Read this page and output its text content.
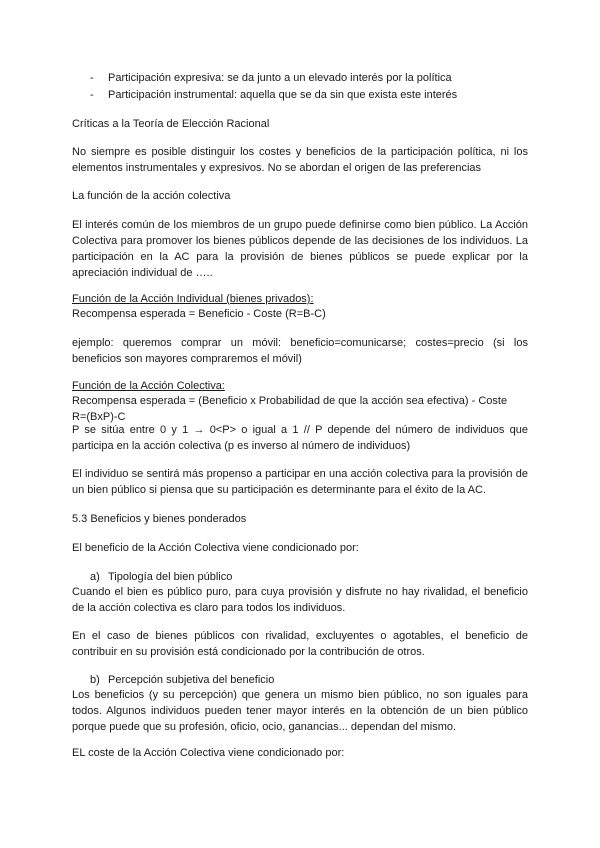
- Participación expresiva: se da junto a un elevado interés por la política

- Participación instrumental: aquella que se da sin que exista este interés

Críticas a la Teoría de Elección Racional

No siempre es posible distinguir los costes y beneficios de la participación política, ni los elementos instrumentales y expresivos. No se abordan el origen de las preferencias

La función de la acción colectiva

El interés común de los miembros de un grupo puede definirse como bien público. La Acción Colectiva para promover los bienes públicos depende de las decisiones de los individuos. La participación en la AC para la provisión de bienes públicos se puede explicar por la apreciación individual de …..

Función de la Acción Individual (bienes privados):

Recompensa esperada = Beneficio - Coste (R=B-C)

ejemplo: queremos comprar un móvil: beneficio=comunicarse; costes=precio (si los beneficios son mayores compraremos el móvil)

Función de la Acción Colectiva:

Recompensa esperada = (Beneficio x Probabilidad de que la acción sea efectiva) - Coste R=(BxP)-C

P se sitúa entre 0 y 1 → 0<P> o igual a 1 // P depende del número de individuos que participa en la acción colectiva (p es inverso al número de individuos)

El individuo se sentirá más propenso a participar en una acción colectiva para la provisión de un bien público si piensa que su participación es determinante para el éxito de la AC.

5.3 Beneficios y bienes ponderados

El beneficio de la Acción Colectiva viene condicionado por:

a) Tipología del bien público

Cuando el bien es público puro, para cuya provisión y disfrute no hay rivalidad, el beneficio de la acción colectiva es claro para todos los individuos.

En el caso de bienes públicos con rivalidad, excluyentes o agotables, el beneficio de contribuir en su provisión está condicionado por la contribución de otros.

b) Percepción subjetiva del beneficio

Los beneficios (y su percepción) que genera un mismo bien público, no son iguales para todos. Algunos individuos pueden tener mayor interés en la obtención de un bien público porque puede que su profesión, oficio, ocio, ganancias... dependan del mismo.

EL coste de la Acción Colectiva viene condicionado por:
